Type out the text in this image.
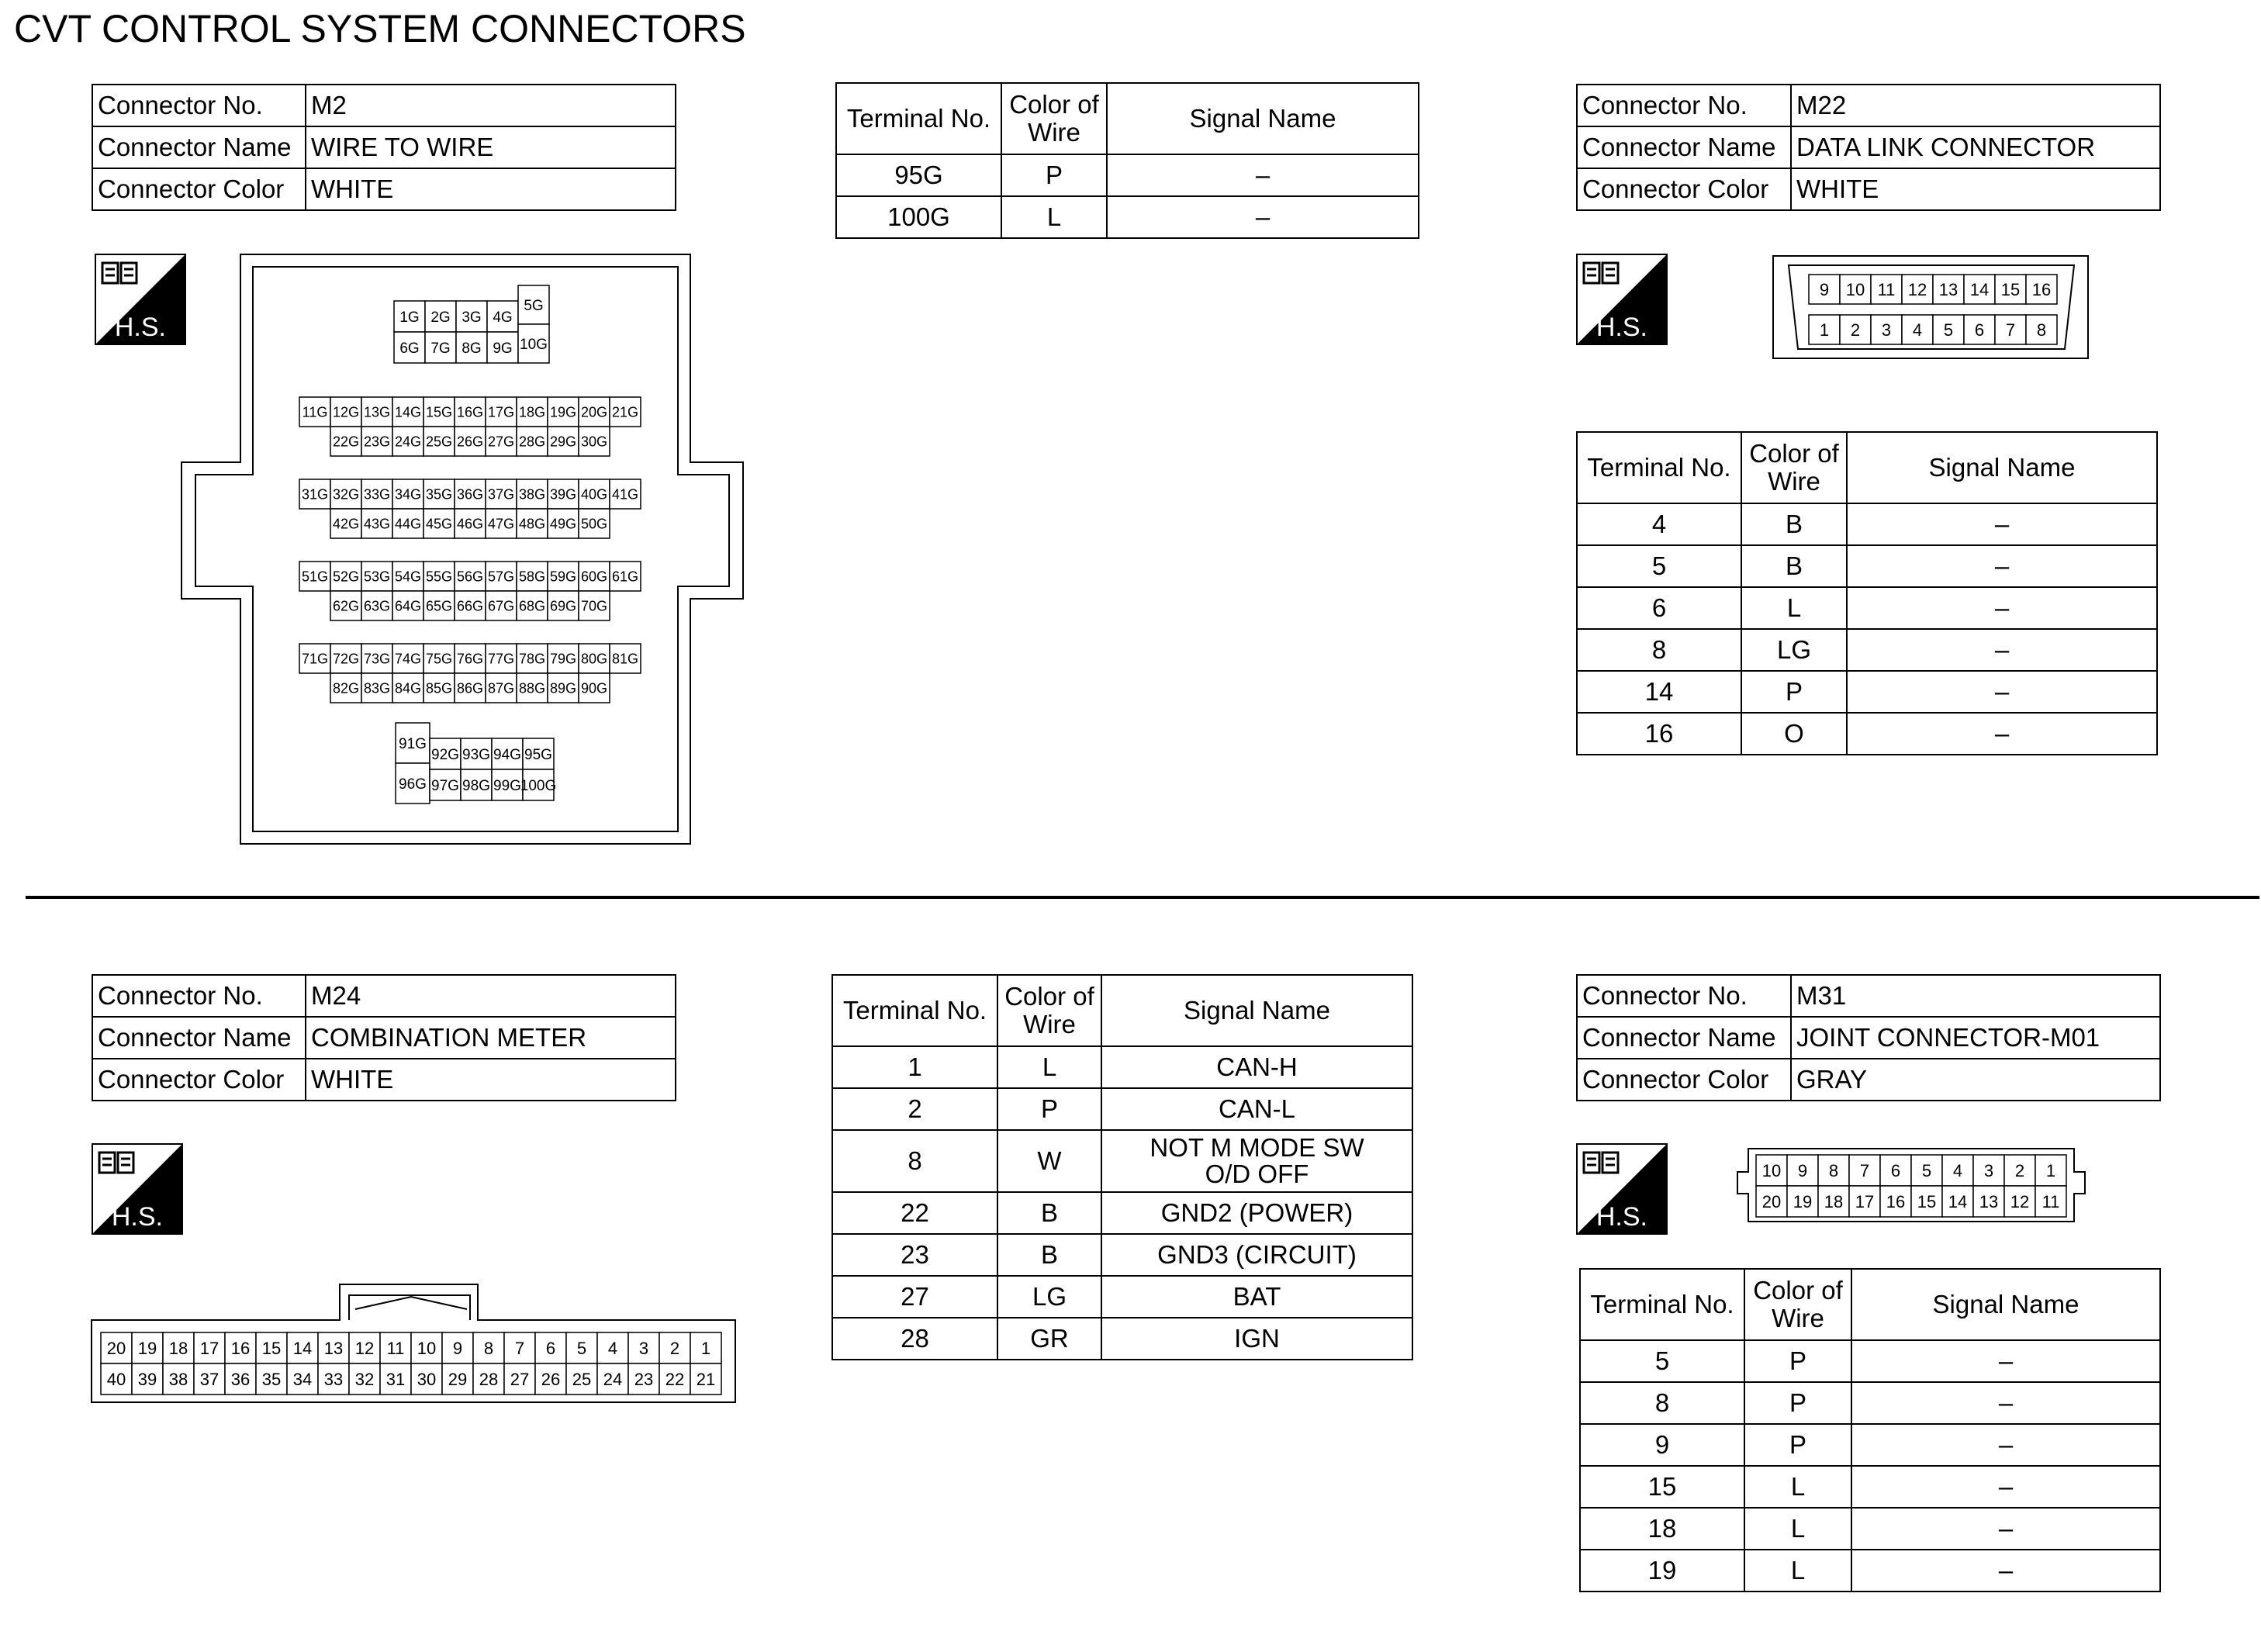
CVT CONTROL SYSTEM CONNECTORS
Connector No.	M2
Connector Name	WIRE TO WIRE
Connector Color	WHITE
H.S.	1G 2G 3G 4G
6G 7G 8G 9G
5G
10G
11G 12G 13G 14G 15G 16G 17G 18G 19G 20G 21G
22G 23G 24G 25G 26G 27G 28G 29G 30G
31G 32G 33G 34G 35G 36G 37G 38G 39G 40G 41G
42G 43G 44G 45G 46G 47G 48G 49G 50G
51G 52G 53G 54G 55G 56G 57G 58G 59G 60G 61G
62G 63G 64G 65G 66G 67G 68G 69G 70G
71G 72G 73G 74G 75G 76G 77G 78G 79G 80G 81G
82G 83G 84G 85G 86G 87G 88G 89G 90G
91G
96G
92G 93G 94G 95G
97G 98G 99G
100G
Terminal No.	Color of Wire	Signal Name
95G	P	–
100G	L	–
Connector No.	M22
Connector Name	DATA LINK CONNECTOR
Connector Color	WHITE
H.S.
9 10 11 12 13 14 15 16
1 2 3 4 5 6 7 8
Terminal No.	Color of Wire	Signal Name
4	B	–
5	B	–
6	L	–
8	LG	–
14	P	–
16	O	–
Connector No.	M24
Connector Name	COMBINATION METER
Connector Color	WHITE
H.S.
20 19 18 17 16 15 14 13 12 11 10 9 8 7 6 5 4 3 2 1
40 39 38 37 36 35 34 33 32 31 30 29 28 27 26 25 24 23 22 21
Terminal No.	Color of Wire	Signal Name
1	L	CAN-H
2	P	CAN-L
8	W	NOT M MODE SW O/D OFF
22	B	GND2 (POWER)
23	B	GND3 (CIRCUIT)
27	LG	BAT
28	GR	IGN
Connector No.	M31
Connector Name	JOINT CONNECTOR-M01
Connector Color	GRAY
H.S.
10 9 8 7 6 5 4 3 2 1
20 19 18 17 16 15 14 13 12 11
Terminal No.	Color of Wire	Signal Name
5	P	–
8	P	–
9	P	–
15	L	–
18	L	–
19	L	–
